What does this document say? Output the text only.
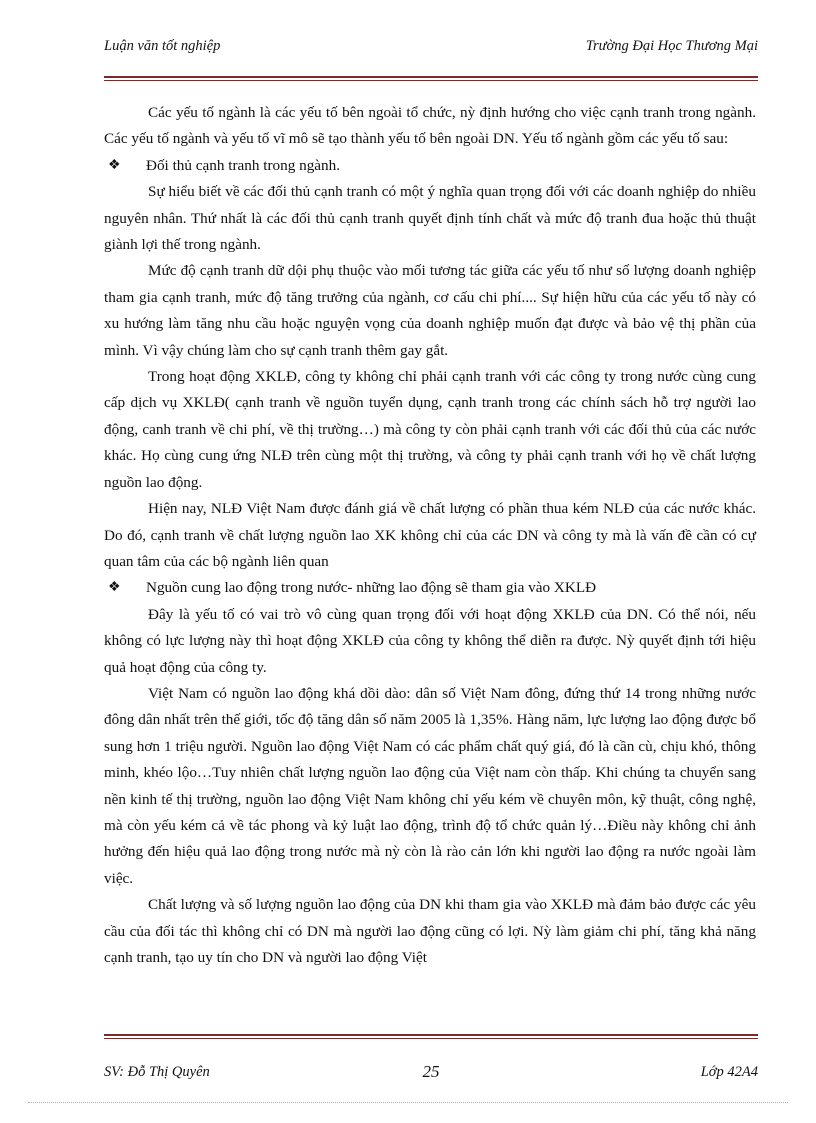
Luận văn tốt nghiệp	Trường Đại Học Thương Mại

Các yếu tố ngành là các yếu tố bên ngoài tổ chức, nỳ định hướng cho việc cạnh tranh trong ngành. Các yếu tố ngành và yếu tố vĩ mô sẽ tạo thành yếu tố bên ngoài DN. Yếu tố ngành gồm các yếu tố sau:

❖ Đối thủ cạnh tranh trong ngành.

Sự hiểu biết về các đối thủ cạnh tranh có một ý nghĩa quan trọng đối với các doanh nghiệp do nhiều nguyên nhân. Thứ nhất là các đối thủ cạnh tranh quyết định tính chất và mức độ tranh đua hoặc thủ thuật giành lợi thế trong ngành.

Mức độ cạnh tranh dữ dội phụ thuộc vào mối tương tác giữa các yếu tố như số lượng doanh nghiệp tham gia cạnh tranh, mức độ tăng trưởng của ngành, cơ cấu chi phí.... Sự hiện hữu của các yếu tố này có xu hướng làm tăng nhu cầu hoặc nguyện vọng của doanh nghiệp muốn đạt được và bảo vệ thị phần của mình. Vì vậy chúng làm cho sự cạnh tranh thêm gay gắt.

Trong hoạt động XKLĐ, công ty không chỉ phải cạnh tranh với các công ty trong nước cùng cung cấp dịch vụ XKLĐ( cạnh tranh về nguồn tuyển dụng, cạnh tranh trong các chính sách hỗ trợ người lao động, canh tranh về chi phí, về thị trường…) mà công ty còn phải cạnh tranh với các đối thủ của các nước khác. Họ cùng cung ứng NLĐ trên cùng một thị trường, và công ty phải cạnh tranh với họ về chất lượng nguồn lao động.

Hiện nay, NLĐ Việt Nam được đánh giá về chất lượng có phần thua kém NLĐ của các nước khác. Do đó, cạnh tranh về chất lượng nguồn lao XK không chỉ của các DN và công ty mà là vấn đề cần có cự quan tâm của các bộ ngành liên quan

❖ Nguồn cung lao động trong nước- những lao động sẽ tham gia vào XKLĐ

Đây là yếu tố có vai trò vô cùng quan trọng đối với hoạt động XKLĐ của DN. Có thể nói, nếu không có lực lượng này thì hoạt động XKLĐ của công ty không thể diễn ra được. Nỳ quyết định tới hiệu quả hoạt động của công ty.

Việt Nam có nguồn lao động khá dồi dào: dân số Việt Nam đông, đứng thứ 14 trong những nước đông dân nhất trên thế giới, tốc độ tăng dân số năm 2005 là 1,35%. Hàng năm, lực lượng lao động được bổ sung hơn 1 triệu người. Nguồn lao động Việt Nam có các phẩm chất quý giá, đó là cần cù, chịu khó, thông minh, khéo lộo…Tuy nhiên chất lượng nguồn lao động của Việt nam còn thấp. Khi chúng ta chuyển sang nền kinh tế thị trường, nguồn lao động Việt Nam không chỉ yếu kém về chuyên môn, kỹ thuật, công nghệ, mà còn yếu kém cả về tác phong và kỷ luật lao động, trình độ tổ chức quản lý…Điều này không chỉ ảnh hưởng đến hiệu quả lao động trong nước mà nỳ còn là rào cản lớn khi người lao động ra nước ngoài làm việc.

Chất lượng và số lượng nguồn lao động của DN khi tham gia vào XKLĐ mà đảm bảo được các yêu cầu của đối tác thì không chỉ có DN mà người lao động cũng có lợi. Nỳ làm giảm chi phí, tăng khả năng cạnh tranh, tạo uy tín cho DN và người lao động Việt

SV: Đỗ Thị Quyên	25	Lớp 42A4
